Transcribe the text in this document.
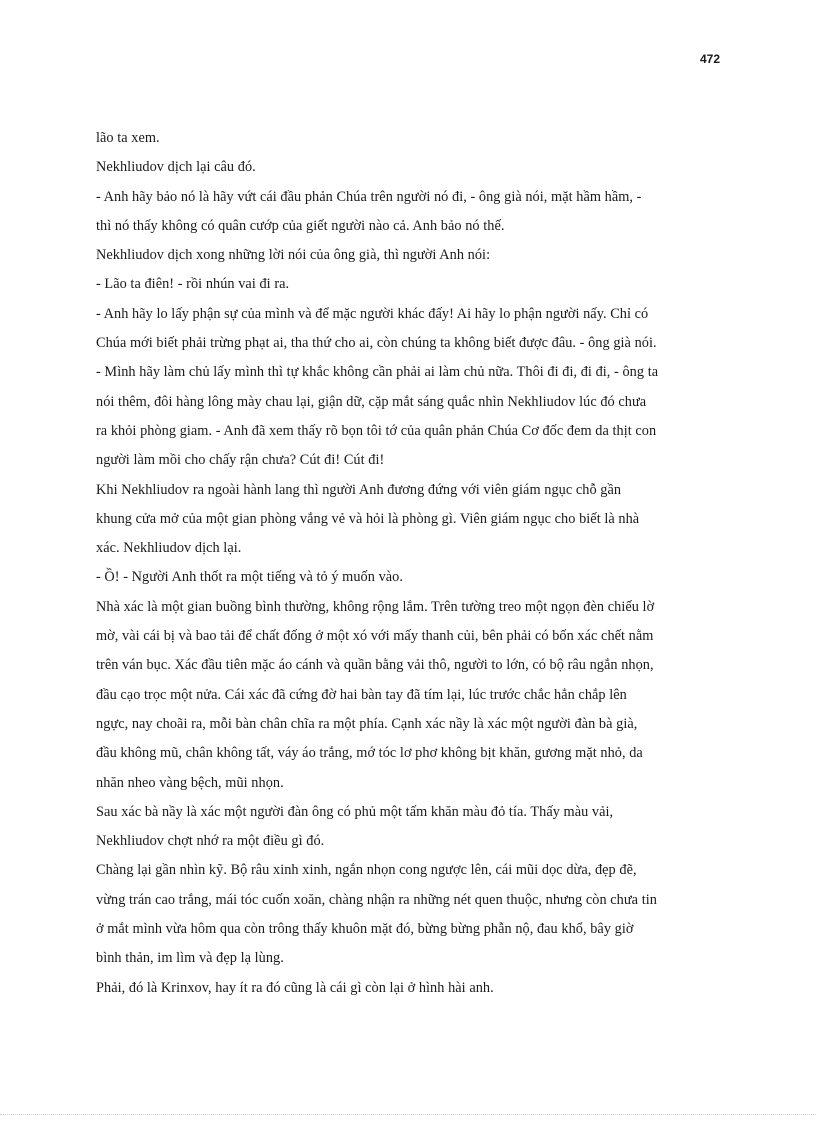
472
lão ta xem.
Nekhliudov dịch lại câu đó.
- Anh hãy bảo nó là hãy vứt cái đầu phản Chúa trên người nó đi, - ông già nói, mặt hầm hầm, -
thì nó thấy không có quân cướp của giết người nào cả. Anh bảo nó thế.
Nekhliudov dịch xong những lời nói của ông già, thì người Anh nói:
- Lão ta điên! - rồi nhún vai đi ra.
- Anh hãy lo lấy phận sự của mình và để mặc người khác đấy! Ai hãy lo phận người nấy. Chỉ có
Chúa mới biết phải trừng phạt ai, tha thứ cho ai, còn chúng ta không biết được đâu. - ông già nói.
- Mình hãy làm chủ lấy mình thì tự khắc không cần phải ai làm chủ nữa. Thôi đi đi, đi đi, - ông ta
nói thêm, đôi hàng lông mày chau lại, giận dữ, cặp mắt sáng quắc nhìn Nekhliudov lúc đó chưa
ra khỏi phòng giam. - Anh đã xem thấy rõ bọn tôi tớ của quân phản Chúa Cơ đốc đem da thịt con
người làm mồi cho chấy rận chưa? Cút đi! Cút đi!
Khi Nekhliudov ra ngoài hành lang thì người Anh đương đứng với viên giám ngục chỗ gần
khung cửa mở của một gian phòng vắng vẻ và hỏi là phòng gì. Viên giám ngục cho biết là nhà
xác. Nekhliudov dịch lại.
- Ồ! - Người Anh thốt ra một tiếng và tỏ ý muốn vào.
Nhà xác là một gian buồng bình thường, không rộng lắm. Trên tường treo một ngọn đèn chiếu lờ
mờ, vài cái bị và bao tải để chất đống ở một xó với mấy thanh củi, bên phải có bốn xác chết nằm
trên ván bục. Xác đầu tiên mặc áo cánh và quần bằng vải thô, người to lớn, có bộ râu ngắn nhọn,
đầu cạo trọc một nửa. Cái xác đã cứng đờ hai bàn tay đã tím lại, lúc trước chắc hẳn chắp lên
ngực, nay choãi ra, mỗi bàn chân chĩa ra một phía. Cạnh xác nầy là xác một người đàn bà già,
đầu không mũ, chân không tất, váy áo trắng, mớ tóc lơ phơ không bịt khăn, gương mặt nhỏ, da
nhăn nheo vàng bệch, mũi nhọn.
Sau xác bà nầy là xác một người đàn ông có phủ một tấm khăn màu đỏ tía. Thấy màu vải,
Nekhliudov chợt nhớ ra một điều gì đó.
Chàng lại gần nhìn kỹ. Bộ râu xinh xinh, ngắn nhọn cong ngược lên, cái mũi dọc dừa, đẹp đẽ,
vừng trán cao trắng, mái tóc cuốn xoăn, chàng nhận ra những nét quen thuộc, nhưng còn chưa tin
ở mắt mình vừa hôm qua còn trông thấy khuôn mặt đó, bừng bừng phẫn nộ, đau khổ, bây giờ
bình thản, im lìm và đẹp lạ lùng.
Phải, đó là Krinxov, hay ít ra đó cũng là cái gì còn lại ở hình hài anh.
